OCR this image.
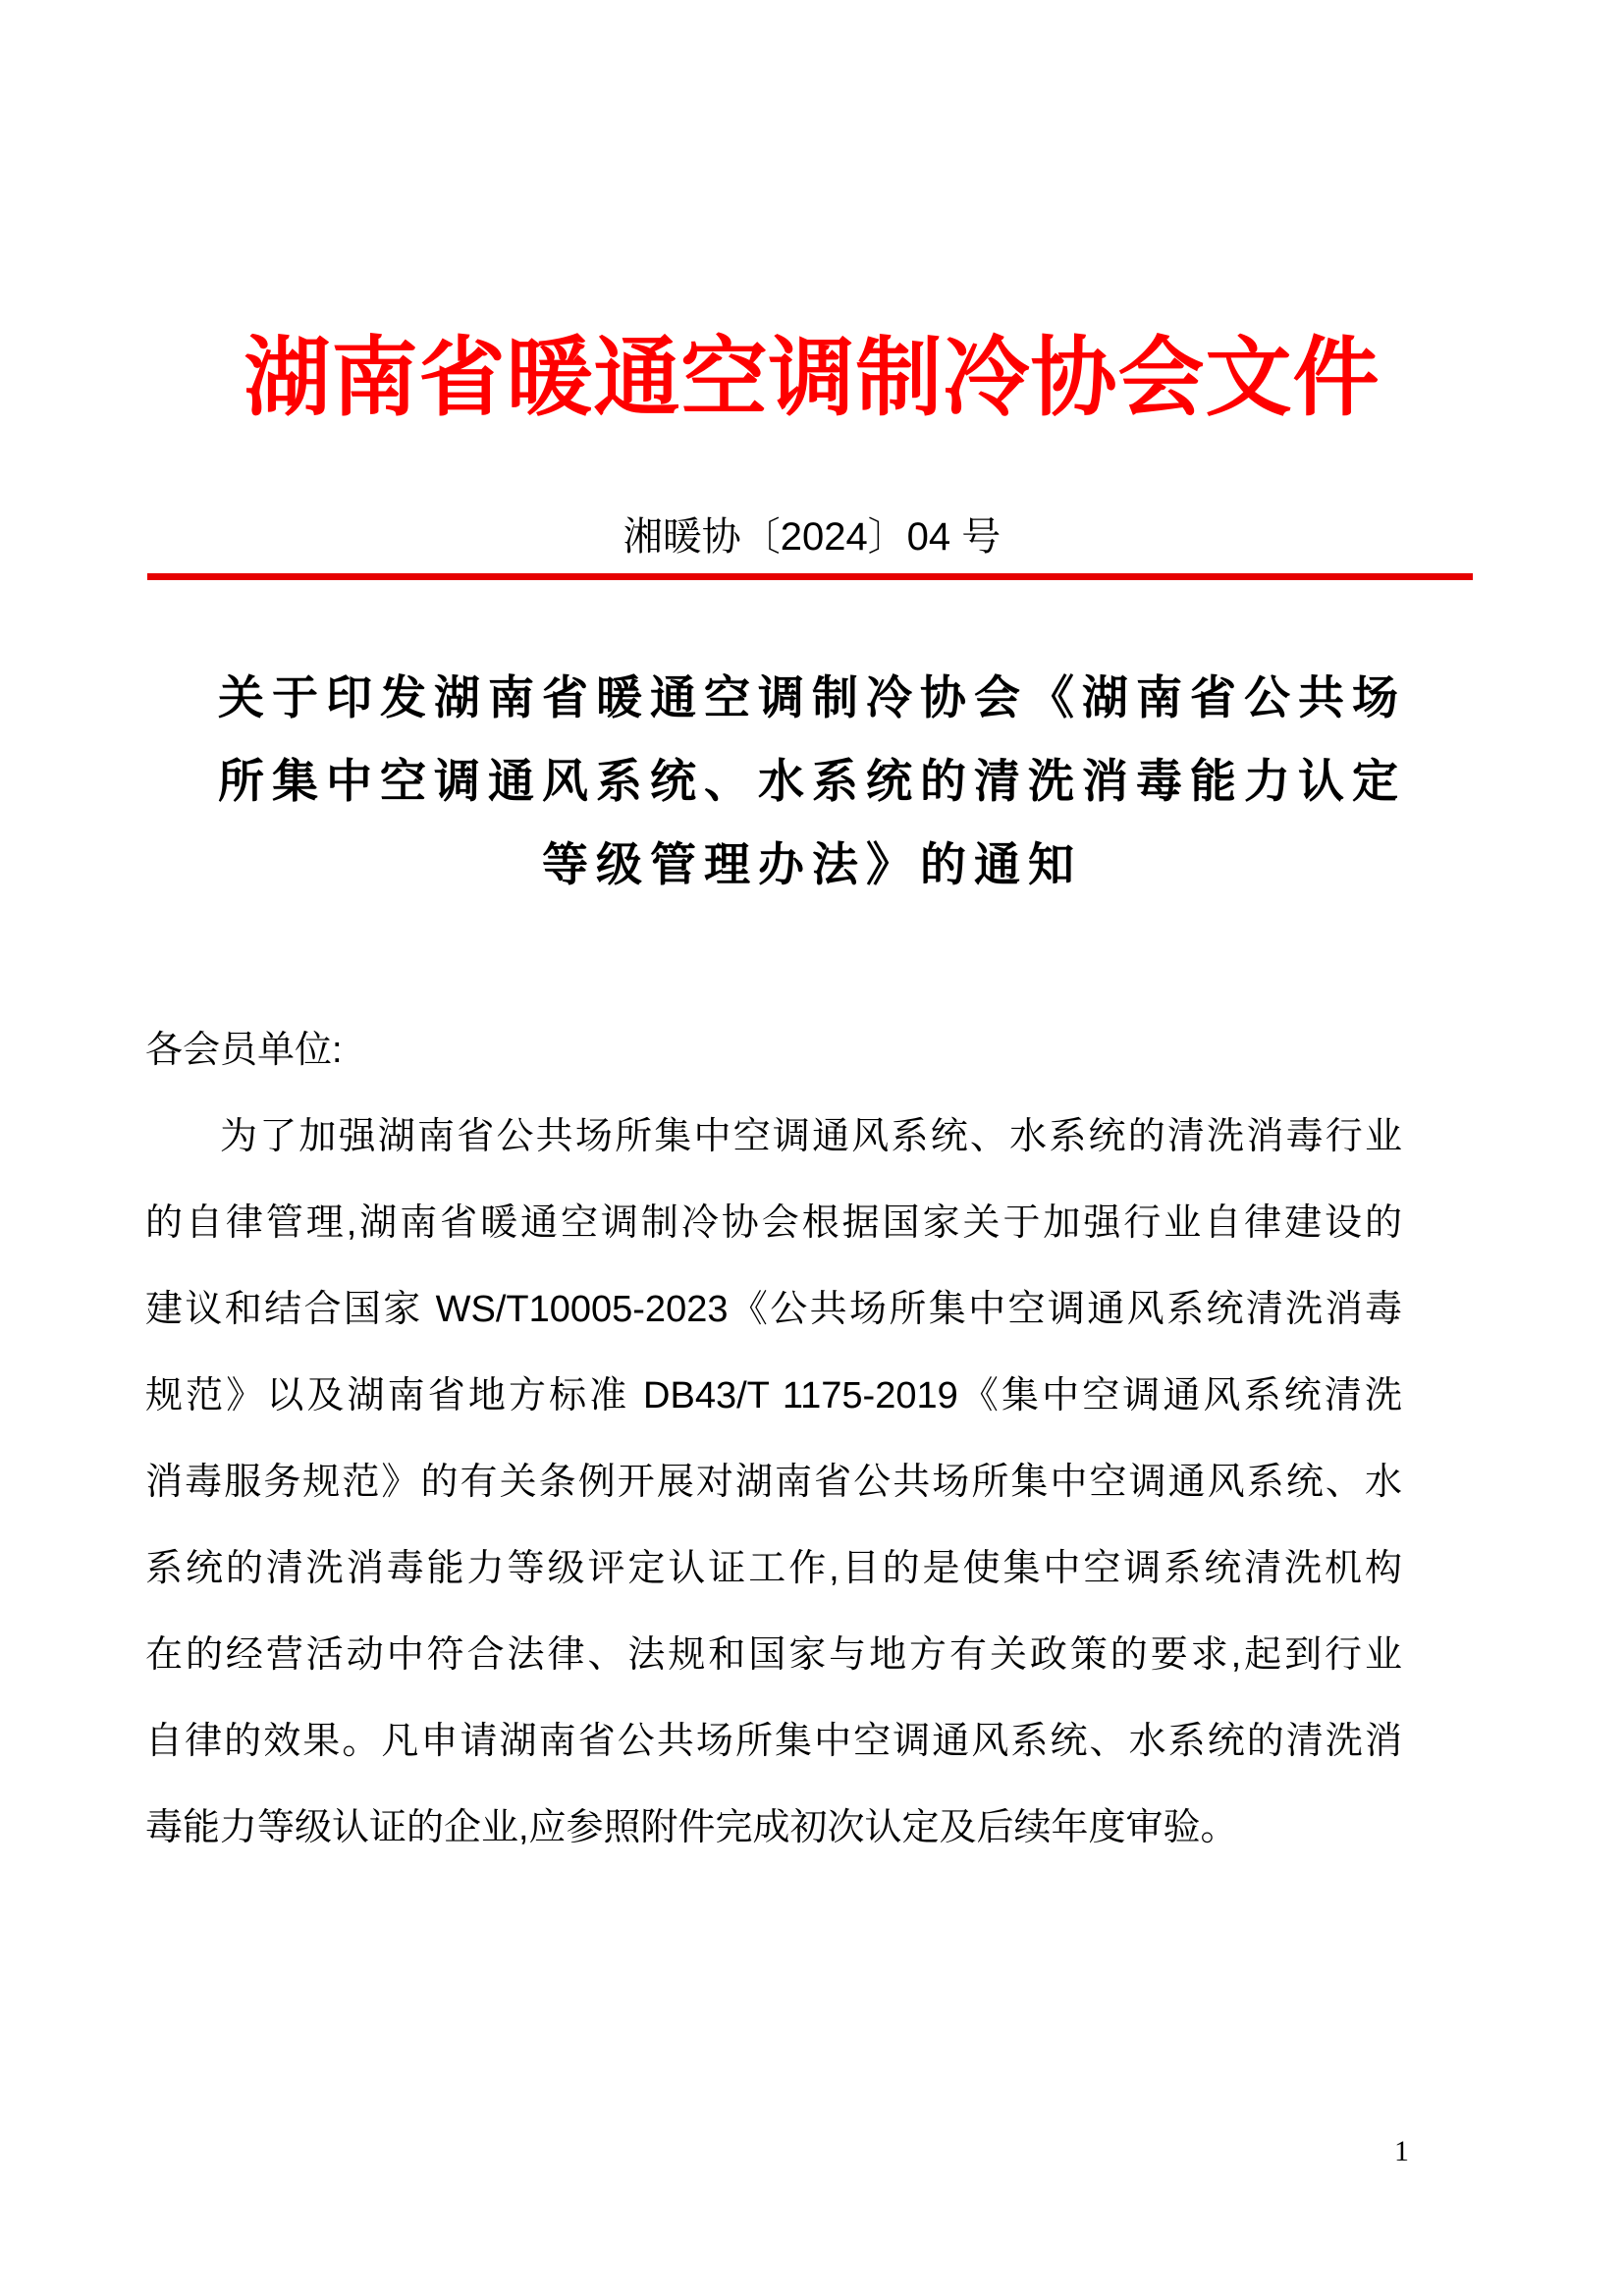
湖南省暖通空调制冷协会文件
湘暖协〔2024〕04 号
关于印发湖南省暖通空调制冷协会《湖南省公共场
所集中空调通风系统、水系统的清洗消毒能力认定
等级管理办法》的通知
各会员单位:
为了加强湖南省公共场所集中空调通风系统、水系统的清洗消毒行业
的自律管理,湖南省暖通空调制冷协会根据国家关于加强行业自律建设的
建议和结合国家 WS/T10005-2023《公共场所集中空调通风系统清洗消毒
规范》以及湖南省地方标准 DB43/T 1175-2019《集中空调通风系统清洗
消毒服务规范》的有关条例开展对湖南省公共场所集中空调通风系统、水
系统的清洗消毒能力等级评定认证工作,目的是使集中空调系统清洗机构
在的经营活动中符合法律、法规和国家与地方有关政策的要求,起到行业
自律的效果。凡申请湖南省公共场所集中空调通风系统、水系统的清洗消
毒能力等级认证的企业,应参照附件完成初次认定及后续年度审验。
1
